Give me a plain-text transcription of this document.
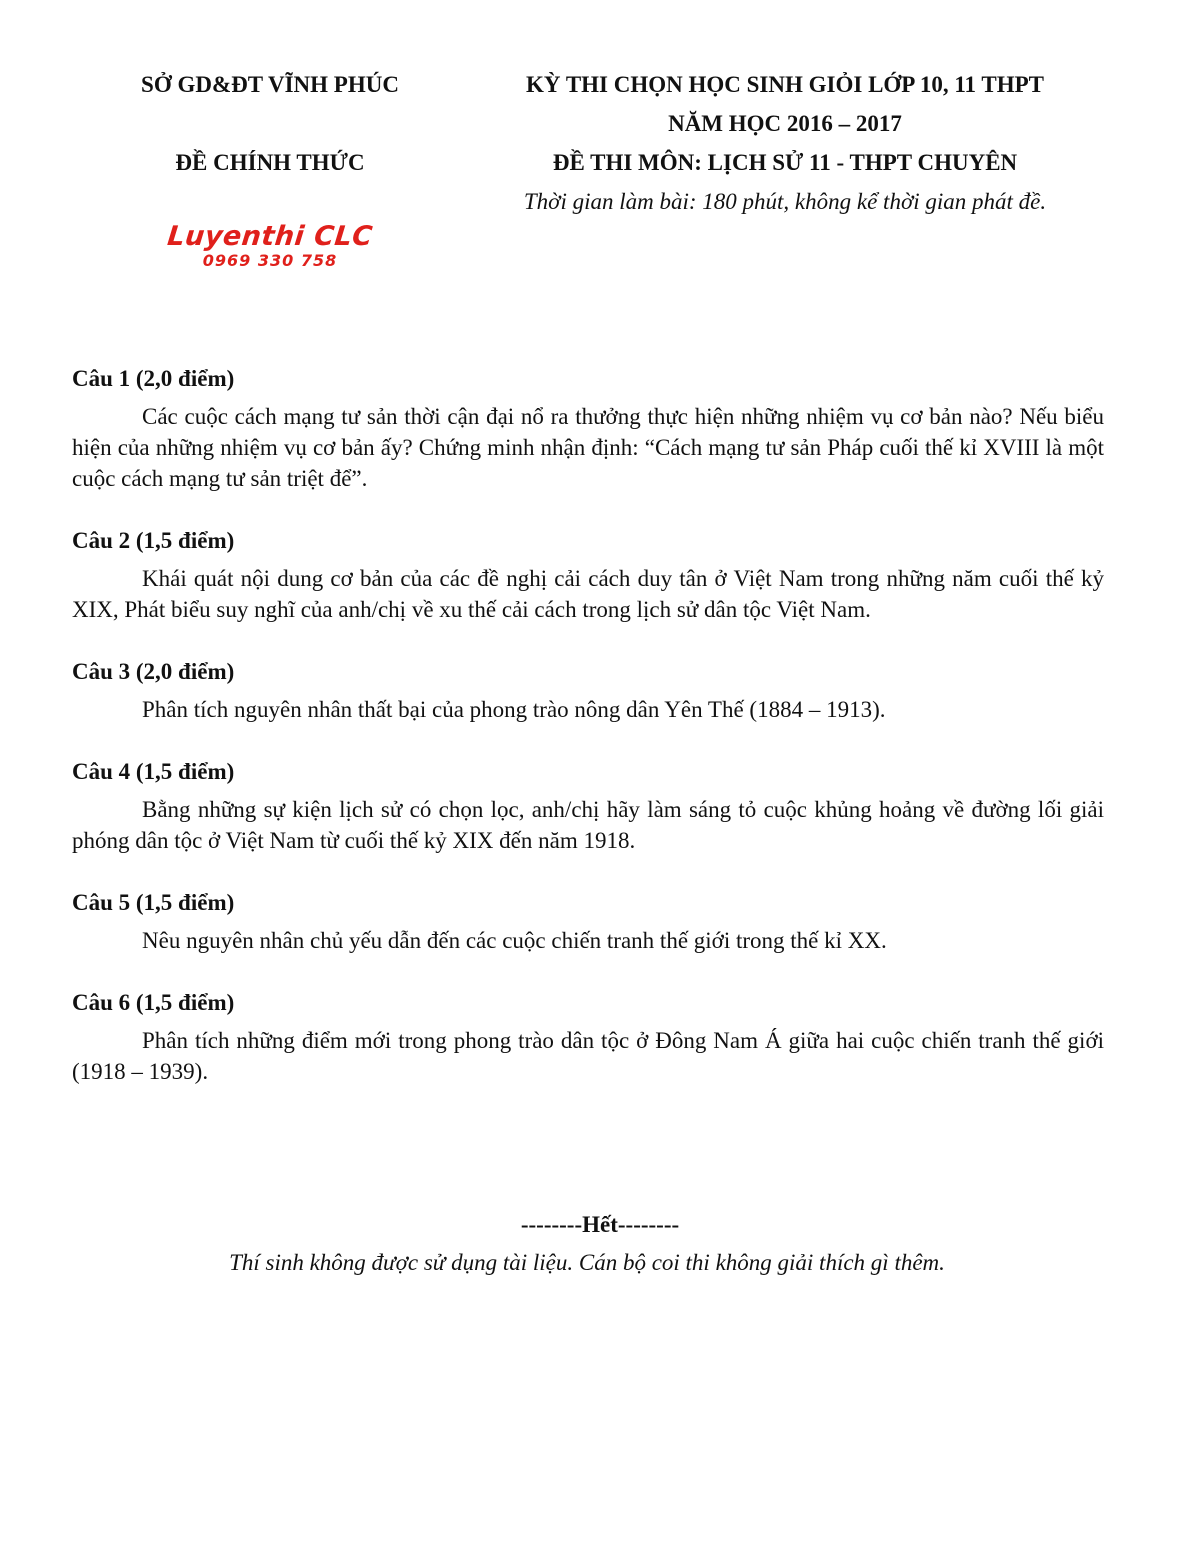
SỞ GD&ĐT VĨNH PHÚC
ĐỀ CHÍNH THỨC
KỲ THI CHỌN HỌC SINH GIỎI LỚP 10, 11 THPT
NĂM HỌC 2016 – 2017
ĐỀ THI MÔN: LỊCH SỬ 11 - THPT CHUYÊN
Thời gian làm bài: 180 phút, không kể thời gian phát đề.
Luyenthi CLC
0969 330 758

Câu 1 (2,0 điểm)

Các cuộc cách mạng tư sản thời cận đại nổ ra thưởng thực hiện những nhiệm vụ cơ bản nào? Nếu biểu hiện của những nhiệm vụ cơ bản ấy? Chứng minh nhận định: “Cách mạng tư sản Pháp cuối thế kỉ XVIII là một cuộc cách mạng tư sản triệt để”.

Câu 2 (1,5 điểm)

Khái quát nội dung cơ bản của các đề nghị cải cách duy tân ở Việt Nam trong những năm cuối thế kỷ XIX, Phát biểu suy nghĩ của anh/chị về xu thế cải cách trong lịch sử dân tộc Việt Nam.

Câu 3 (2,0 điểm)

Phân tích nguyên nhân thất bại của phong trào nông dân Yên Thế (1884 – 1913).

Câu 4 (1,5 điểm)

Bằng những sự kiện lịch sử có chọn lọc, anh/chị hãy làm sáng tỏ cuộc khủng hoảng về đường lối giải phóng dân tộc ở Việt Nam từ cuối thế kỷ XIX đến năm 1918.

Câu 5 (1,5 điểm)

Nêu nguyên nhân chủ yếu dẫn đến các cuộc chiến tranh thế giới trong thế kỉ XX.

Câu 6 (1,5 điểm)

Phân tích những điểm mới trong phong trào dân tộc ở Đông Nam Á giữa hai cuộc chiến tranh thế giới (1918 – 1939).

--------Hết--------
Thí sinh không được sử dụng tài liệu. Cán bộ coi thi không giải thích gì thêm.
